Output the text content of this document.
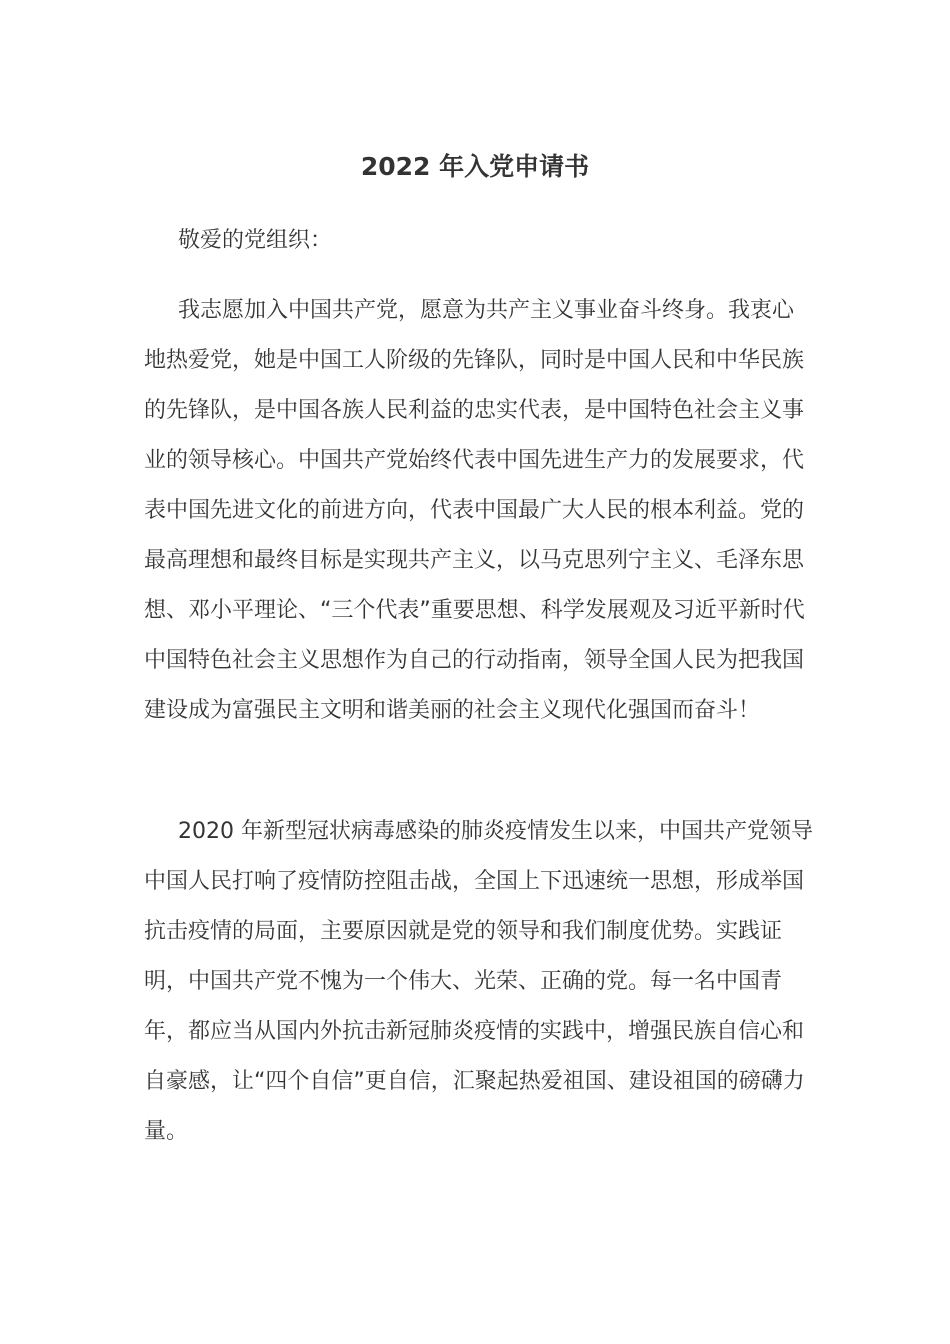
2022 年入党申请书
敬爱的党组织：

我志愿加入中国共产党，愿意为共产主义事业奋斗终身。我衷心地热爱党，她是中国工人阶级的先锋队，同时是中国人民和中华民族的先锋队，是中国各族人民利益的忠实代表，是中国特色社会主义事业的领导核心。中国共产党始终代表中国先进生产力的发展要求，代表中国先进文化的前进方向，代表中国最广大人民的根本利益。党的最高理想和最终目标是实现共产主义，以马克思列宁主义、毛泽东思想、邓小平理论、“三个代表”重要思想、科学发展观及习近平新时代中国特色社会主义思想作为自己的行动指南，领导全国人民为把我国建设成为富强民主文明和谐美丽的社会主义现代化强国而奋斗！

2020 年新型冠状病毒感染的肺炎疫情发生以来，中国共产党领导中国人民打响了疫情防控阻击战，全国上下迅速统一思想，形成举国抗击疫情的局面，主要原因就是党的领导和我们制度优势。实践证明，中国共产党不愧为一个伟大、光荣、正确的党。每一名中国青年，都应当从国内外抗击新冠肺炎疫情的实践中，增强民族自信心和自豪感，让“四个自信”更自信，汇聚起热爱祖国、建设祖国的磅礴力量。
